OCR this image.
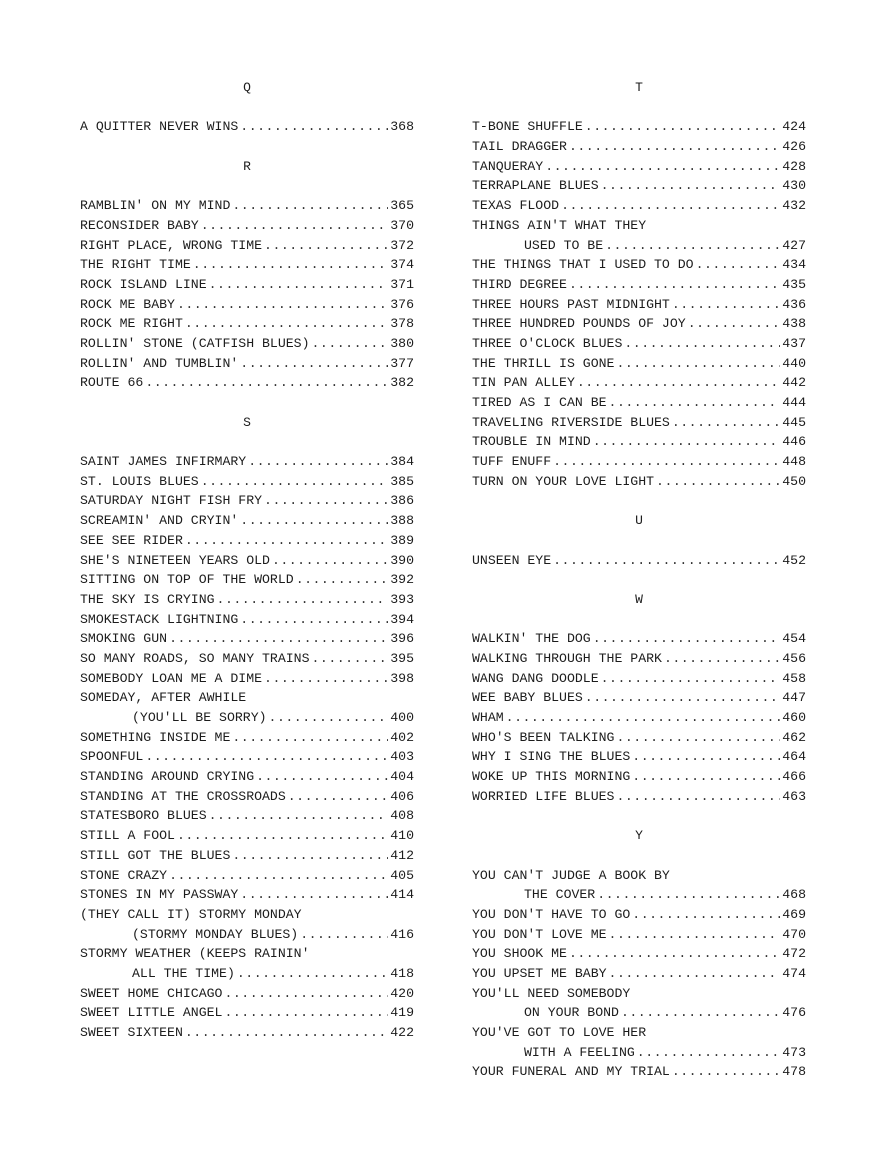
Q
A QUITTER NEVER WINS .....	368
R
RAMBLIN' ON MY MIND .....	365
RECONSIDER BABY .....	370
RIGHT PLACE, WRONG TIME .....	372
THE RIGHT TIME .....	374
ROCK ISLAND LINE .....	371
ROCK ME BABY .....	376
ROCK ME RIGHT .....	378
ROLLIN' STONE (CATFISH BLUES) .....	380
ROLLIN' AND TUMBLIN' .....	377
ROUTE 66 .....	382
S
SAINT JAMES INFIRMARY .....	384
ST. LOUIS BLUES .....	385
SATURDAY NIGHT FISH FRY .....	386
SCREAMIN' AND CRYIN' .....	388
SEE SEE RIDER .....	389
SHE'S NINETEEN YEARS OLD .....	390
SITTING ON TOP OF THE WORLD .....	392
THE SKY IS CRYING .....	393
SMOKESTACK LIGHTNING .....	394
SMOKING GUN .....	396
SO MANY ROADS, SO MANY TRAINS .....	395
SOMEBODY LOAN ME A DIME .....	398
SOMEDAY, AFTER AWHILE
(YOU'LL BE SORRY) .....	400
SOMETHING INSIDE ME .....	402
SPOONFUL .....	403
STANDING AROUND CRYING .....	404
STANDING AT THE CROSSROADS .....	406
STATESBORO BLUES .....	408
STILL A FOOL .....	410
STILL GOT THE BLUES .....	412
STONE CRAZY .....	405
STONES IN MY PASSWAY .....	414
(THEY CALL IT) STORMY MONDAY
(STORMY MONDAY BLUES) .....	416
STORMY WEATHER (KEEPS RAININ'
ALL THE TIME) .....	418
SWEET HOME CHICAGO .....	420
SWEET LITTLE ANGEL .....	419
SWEET SIXTEEN .....	422
T
T-BONE SHUFFLE .....	424
TAIL DRAGGER .....	426
TANQUERAY .....	428
TERRAPLANE BLUES .....	430
TEXAS FLOOD .....	432
THINGS AIN'T WHAT THEY
USED TO BE .....	427
THE THINGS THAT I USED TO DO .....	434
THIRD DEGREE .....	435
THREE HOURS PAST MIDNIGHT .....	436
THREE HUNDRED POUNDS OF JOY .....	438
THREE O'CLOCK BLUES .....	437
THE THRILL IS GONE .....	440
TIN PAN ALLEY .....	442
TIRED AS I CAN BE .....	444
TRAVELING RIVERSIDE BLUES .....	445
TROUBLE IN MIND .....	446
TUFF ENUFF .....	448
TURN ON YOUR LOVE LIGHT .....	450
U
UNSEEN EYE .....	452
W
WALKIN' THE DOG .....	454
WALKING THROUGH THE PARK .....	456
WANG DANG DOODLE .....	458
WEE BABY BLUES .....	447
WHAM .....	460
WHO'S BEEN TALKING .....	462
WHY I SING THE BLUES .....	464
WOKE UP THIS MORNING .....	466
WORRIED LIFE BLUES .....	463
Y
YOU CAN'T JUDGE A BOOK BY
THE COVER .....	468
YOU DON'T HAVE TO GO .....	469
YOU DON'T LOVE ME .....	470
YOU SHOOK ME .....	472
YOU UPSET ME BABY .....	474
YOU'LL NEED SOMEBODY
ON YOUR BOND .....	476
YOU'VE GOT TO LOVE HER
WITH A FEELING .....	473
YOUR FUNERAL AND MY TRIAL .....	478
